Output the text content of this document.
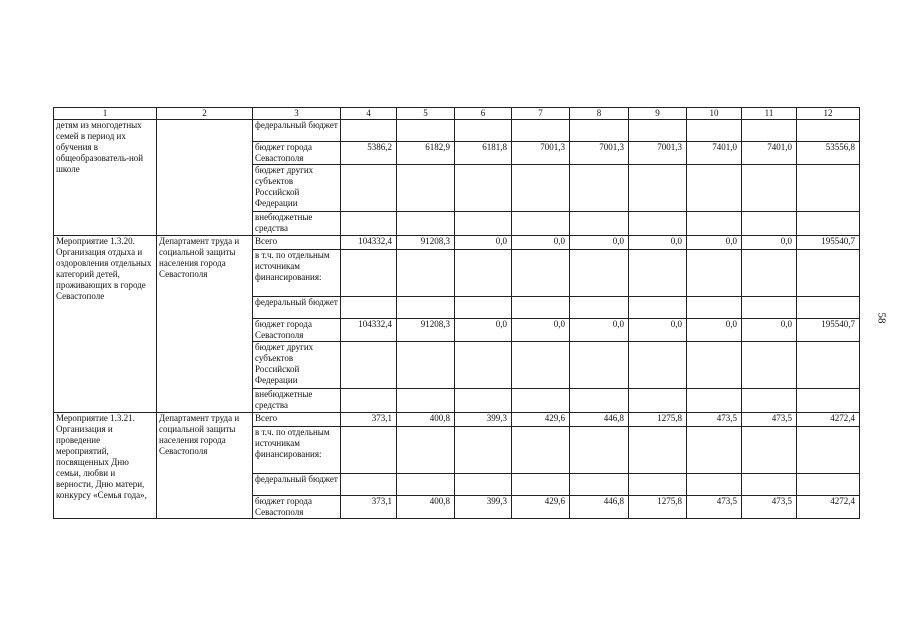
1	2	3	4	5	6	7	8	9	10	11	12
детям из многодетных семей в период их обучения в общеобразователь-ной школе		федеральный бюджет									
		бюджет города Севастополя	5386,2	6182,9	6181,8	7001,3	7001,3	7001,3	7401,0	7401,0	53556,8
		бюджет других субъектов Российской Федерации									
		внебюджетные средства									
Мероприятие 1.3.20. Организация отдыха и оздоровления отдельных категорий детей, проживающих в городе Севастополе	Департамент труда и социальной защиты населения города Севастополя	Всего	104332,4	91208,3	0,0	0,0	0,0	0,0	0,0	0,0	195540,7
		в т.ч. по отдельным источникам финансирования:									
		федеральный бюджет									
		бюджет города Севастополя	104332,4	91208,3	0,0	0,0	0,0	0,0	0,0	0,0	195540,7
		бюджет других субъектов Российской Федерации									
		внебюджетные средства									
Мероприятие 1.3.21. Организация и проведение мероприятий, посвященных Дню семьи, любви и верности, Дню матери, конкурсу «Семья года»,	Департамент труда и социальной защиты населения города Севастополя	Всего	373,1	400,8	399,3	429,6	446,8	1275,8	473,5	473,5	4272,4
		в т.ч. по отдельным источникам финансирования:									
		федеральный бюджет									
		бюджет города Севастополя	373,1	400,8	399,3	429,6	446,8	1275,8	473,5	473,5	4272,4
58
